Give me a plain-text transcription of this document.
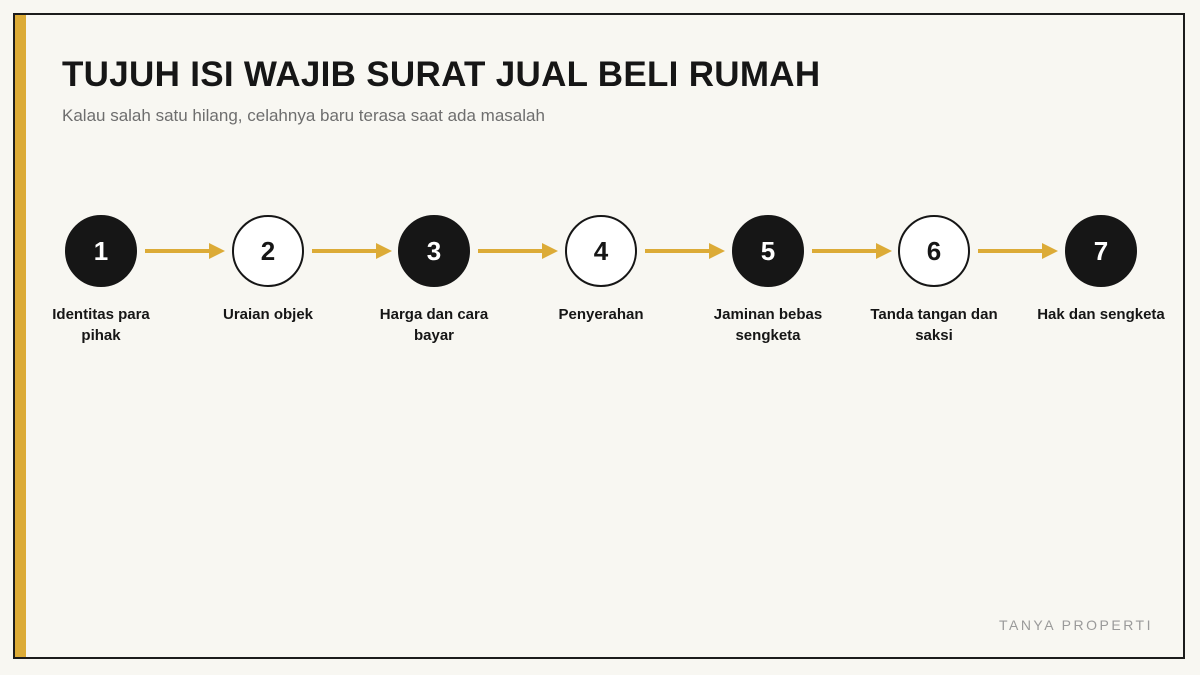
TUJUH ISI WAJIB SURAT JUAL BELI RUMAH

Kalau salah satu hilang, celahnya baru terasa saat ada masalah

1
Identitas para pihak
2
Uraian objek
3
Harga dan cara bayar
4
Penyerahan
5
Jaminan bebas sengketa
6
Tanda tangan dan saksi
7
Hak dan sengketa
TANYA PROPERTI
